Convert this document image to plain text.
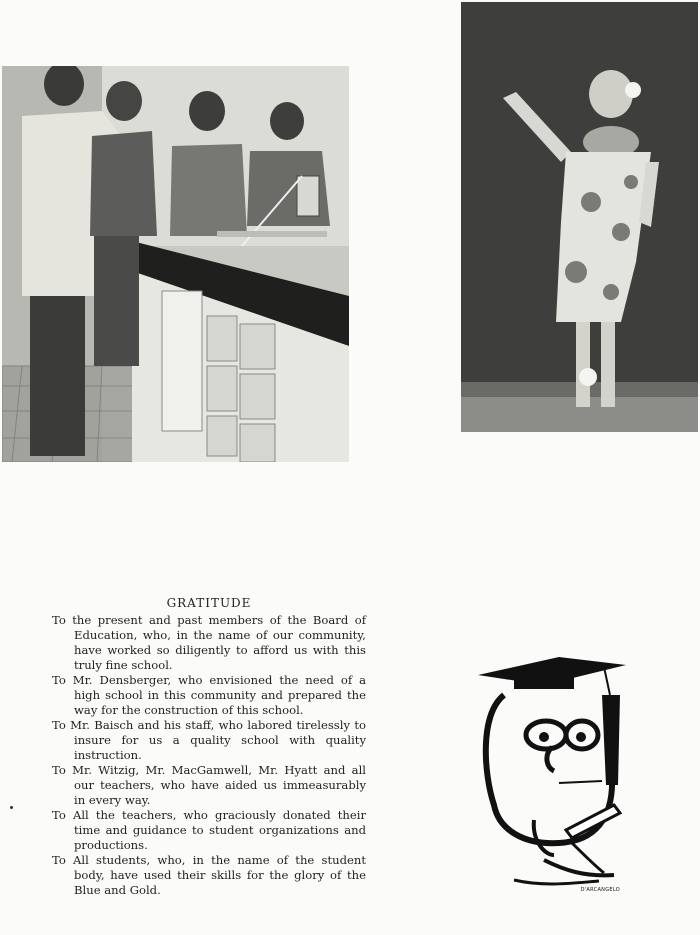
GRATITUDE

To the present and past members of the Board of Education, who, in the name of our community, have worked so diligently to afford us with this truly fine school.

To Mr. Densberger, who envisioned the need of a high school in this community and prepared the way for the construction of this school.

To Mr. Baisch and his staff, who labored tirelessly to insure for us a quality school with quality instruction.

To Mr. Witzig, Mr. MacGamwell, Mr. Hyatt and all our teachers, who have aided us immeasurably in every way.

To All the teachers, who graciously donated their time and guidance to student organizations and productions.

To All students, who, in the name of the student body, have used their skills for the glory of the Blue and Gold.	D'ARCANGELO
